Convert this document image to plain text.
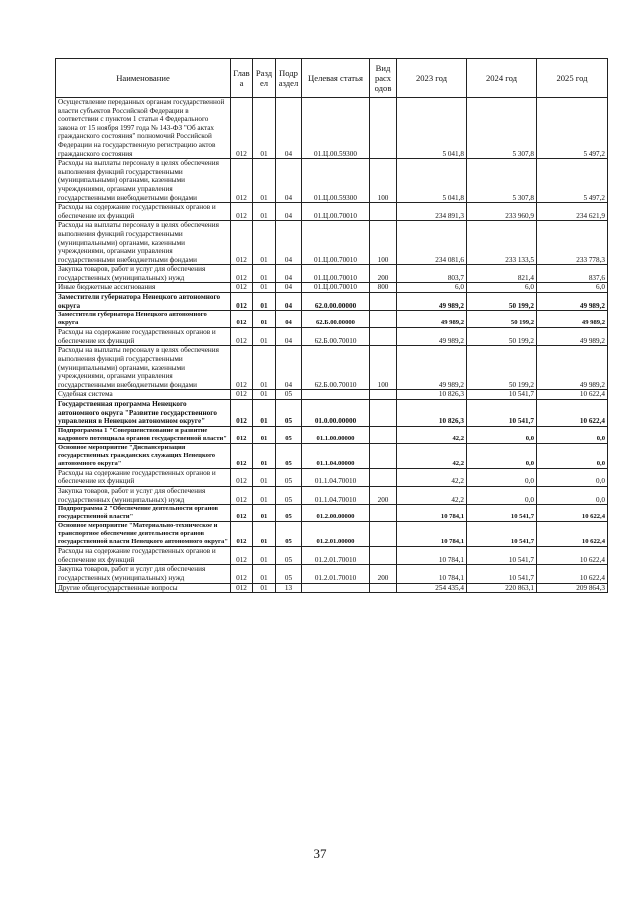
Наименование	Глав а	Разд ел	Подр аздел	Целевая статья	Вид расх одов	2023 год	2024 год	2025 год
Осуществление переданных органам государственной власти субъектов Российской Федерации в соответствии с пунктом 1 статьи 4 Федерального закона от 15 ноября 1997 года № 143-ФЗ "Об актах гражданского состояния" полномочий Российской Федерации на государственную регистрацию актов гражданского состояния	012	01	04	01.Ц.00.59300		5 041,8	5 307,8	5 497,2
Расходы на выплаты персоналу в целях обеспечения выполнения функций государственными (муниципальными) органами, казенными учреждениями, органами управления государственными внебюджетными фондами	012	01	04	01.Ц.00.59300	100	5 041,8	5 307,8	5 497,2
Расходы на содержание государственных органов и обеспечение их функций	012	01	04	01.Ц.00.70010		234 891,3	233 960,9	234 621,9
Расходы на выплаты персоналу в целях обеспечения выполнения функций государственными (муниципальными) органами, казенными учреждениями, органами управления государственными внебюджетными фондами	012	01	04	01.Ц.00.70010	100	234 081,6	233 133,5	233 778,3
Закупка товаров, работ и услуг для обеспечения государственных (муниципальных) нужд	012	01	04	01.Ц.00.70010	200	803,7	821,4	837,6
Иные бюджетные ассигнования	012	01	04	01.Ц.00.70010	800	6,0	6,0	6,0
Заместители губернатора Ненецкого автономного округа	012	01	04	62.0.00.00000		49 989,2	50 199,2	49 989,2
Заместители губернатора Ненецкого автономного округа	012	01	04	62.Б.00.00000		49 989,2	50 199,2	49 989,2
Расходы на содержание государственных органов и обеспечение их функций	012	01	04	62.Б.00.70010		49 989,2	50 199,2	49 989,2
Расходы на выплаты персоналу в целях обеспечения выполнения функций государственными (муниципальными) органами, казенными учреждениями, органами управления государственными внебюджетными фондами	012	01	04	62.Б.00.70010	100	49 989,2	50 199,2	49 989,2
Судебная система	012	01	05			10 826,3	10 541,7	10 622,4
Государственная программа Ненецкого автономного округа "Развитие государственного управления в Ненецком автономном округе"	012	01	05	01.0.00.00000		10 826,3	10 541,7	10 622,4
Подпрограмма 1 "Совершенствование и развитие кадрового потенциала органов государственной власти"	012	01	05	01.1.00.00000		42,2	0,0	0,0
Основное мероприятие "Диспансеризация государственных гражданских служащих Ненецкого автономного округа"	012	01	05	01.1.04.00000		42,2	0,0	0,0
Расходы на содержание государственных органов и обеспечение их функций	012	01	05	01.1.04.70010		42,2	0,0	0,0
Закупка товаров, работ и услуг для обеспечения государственных (муниципальных) нужд	012	01	05	01.1.04.70010	200	42,2	0,0	0,0
Подпрограмма 2 "Обеспечение деятельности органов государственной власти"	012	01	05	01.2.00.00000		10 784,1	10 541,7	10 622,4
Основное мероприятие "Материально-техническое и транспортное обеспечение деятельности органов государственной власти Ненецкого автономного округа"	012	01	05	01.2.01.00000		10 784,1	10 541,7	10 622,4
Расходы на содержание государственных органов и обеспечение их функций	012	01	05	01.2.01.70010		10 784,1	10 541,7	10 622,4
Закупка товаров, работ и услуг для обеспечения государственных (муниципальных) нужд	012	01	05	01.2.01.70010	200	10 784,1	10 541,7	10 622,4
Другие общегосударственные вопросы	012	01	13			254 435,4	220 863,1	209 864,3
37
